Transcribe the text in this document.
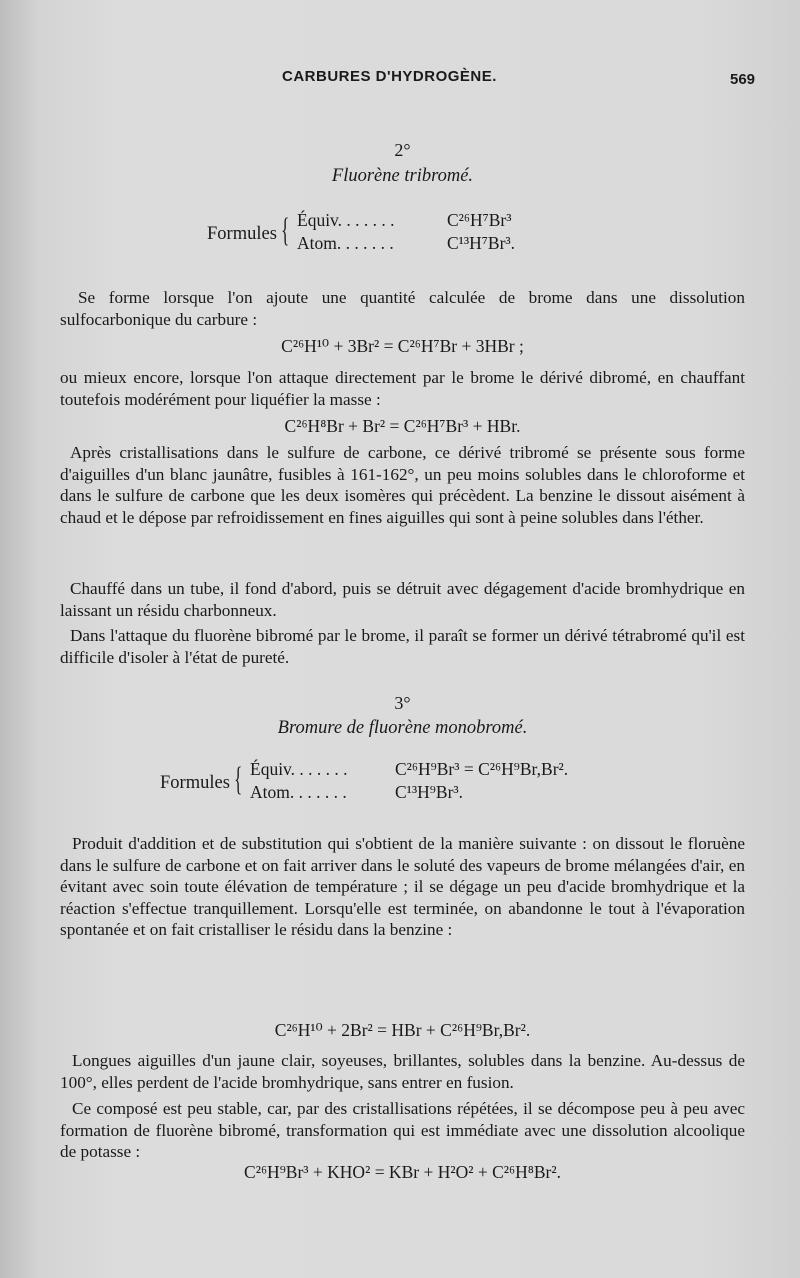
CARBURES D'HYDROGÈNE.	569
2°
Fluorène tribromé.
Formules { Équiv. . . . . . .	C²⁶H⁷Br³
Atom. . . . . . .	C¹³H⁷Br³.

Se forme lorsque l'on ajoute une quantité calculée de brome dans une dissolution sulfocarbonique du carbure :

C²⁶H¹⁰ + 3Br² = C²⁶H⁷Br + 3HBr ;

ou mieux encore, lorsque l'on attaque directement par le brome le dérivé dibromé, en chauffant toutefois modérément pour liquéfier la masse :

C²⁶H⁸Br + Br² = C²⁶H⁷Br³ + HBr.

Après cristallisations dans le sulfure de carbone, ce dérivé tribromé se présente sous forme d'aiguilles d'un blanc jaunâtre, fusibles à 161-162°, un peu moins solubles dans le chloroforme et dans le sulfure de carbone que les deux isomères qui précèdent. La benzine le dissout aisément à chaud et le dépose par refroidissement en fines aiguilles qui sont à peine solubles dans l'éther.

Chauffé dans un tube, il fond d'abord, puis se détruit avec dégagement d'acide bromhydrique en laissant un résidu charbonneux.

Dans l'attaque du fluorène bibromé par le brome, il paraît se former un dérivé tétrabromé qu'il est difficile d'isoler à l'état de pureté.

3°
Bromure de fluorène monobromé.
Formules { Équiv. . . . . . .	C²⁶H⁹Br³ = C²⁶H⁹Br,Br².
Atom. . . . . . .	C¹³H⁹Br³.

Produit d'addition et de substitution qui s'obtient de la manière suivante : on dissout le floruène dans le sulfure de carbone et on fait arriver dans le soluté des vapeurs de brome mélangées d'air, en évitant avec soin toute élévation de température ; il se dégage un peu d'acide bromhydrique et la réaction s'effectue tranquillement. Lorsqu'elle est terminée, on abandonne le tout à l'évaporation spontanée et on fait cristalliser le résidu dans la benzine :

C²⁶H¹⁰ + 2Br² = HBr + C²⁶H⁹Br,Br².

Longues aiguilles d'un jaune clair, soyeuses, brillantes, solubles dans la benzine. Au-dessus de 100°, elles perdent de l'acide bromhydrique, sans entrer en fusion.

Ce composé est peu stable, car, par des cristallisations répétées, il se décompose peu à peu avec formation de fluorène bibromé, transformation qui est immédiate avec une dissolution alcoolique de potasse :

C²⁶H⁹Br³ + KHO² = KBr + H²O² + C²⁶H⁸Br².
